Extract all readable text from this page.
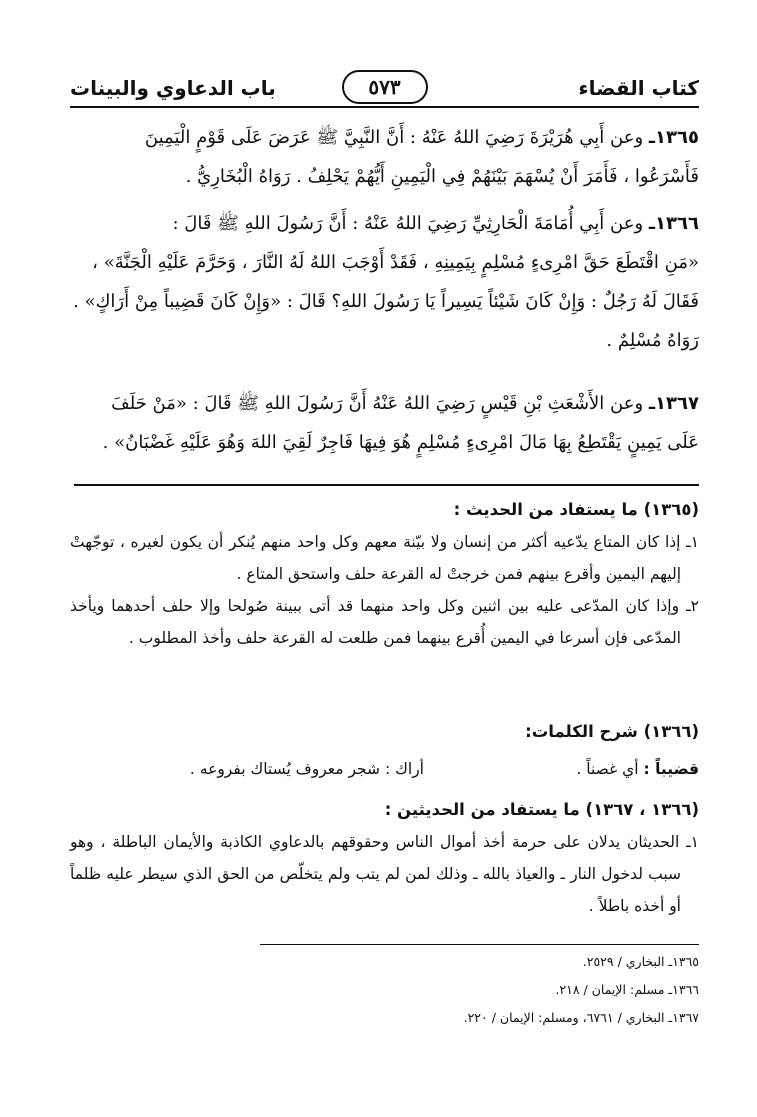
كتاب القضاء
٥٧٣
باب الدعاوي والبينات

١٣٦٥ـ وعن أَبِي هُرَيْرَةَ رَضِيَ اللهُ عَنْهُ : أَنَّ النَّبِيَّ ﷺ عَرَضَ عَلَى قَوْمٍ الْيَمِينَ

فَأَسْرَعُوا ، فَأَمَرَ أَنْ يُسْهَمَ بَيْنَهُمْ فِي الْيَمِينِ أَيُّهُمْ يَحْلِفُ . رَوَاهُ الْبُخَارِيُّ .

١٣٦٦ـ وعن أَبِي أُمَامَةَ الْحَارِثِيِّ رَضِيَ اللهُ عَنْهُ : أَنَّ رَسُولَ اللهِ ﷺ قَالَ :

«مَنِ اقْتَطَعَ حَقَّ امْرِىءٍ مُسْلِمٍ بِيَمِينِهِ ، فَقَدْ أَوْجَبَ اللهُ لَهُ النَّارَ ، وَحَرَّمَ عَلَيْهِ الْجَنَّةَ» ،

فَقَالَ لَهُ رَجُلٌ : وَإِنْ كَانَ شَيْئاً يَسِيراً يَا رَسُولَ اللهِ؟ قَالَ : «وَإِنْ كَانَ قَضِيباً مِنْ أَرَاكٍ» .

رَوَاهُ مُسْلِمٌ .

١٣٦٧ـ وعن الأَشْعَثِ بْنِ قَيْسٍ رَضِيَ اللهُ عَنْهُ أَنَّ رَسُولَ اللهِ ﷺ قَالَ : «مَنْ حَلَفَ

عَلَى يَمِينٍ يَقْتَطِعُ بِهَا مَالَ امْرِىءٍ مُسْلِمٍ هُوَ فِيهَا فَاجِرٌ لَقِيَ اللهَ وَهُوَ عَلَيْهِ غَضْبَانُ» .

(١٣٦٥) ما يستفاد من الحديث :
١ـ إذا كان المتاع يدّعيه أكثر من إنسان ولا بيّنة معهم وكل واحد منهم يُنكر أن يكون لغيره ، توجّهتْ إليهم اليمين وأقرع بينهم فمن خرجتْ له القرعة حلف واستحق المتاع .
٢ـ وإذا كان المدّعى عليه بين اثنين وكل واحد منهما قد أتى ببينة صُولحا وإلا حلف أحدهما ويأخذ المدّعى فإن أسرعا في اليمين أُقرع بينهما فمن طلعت له القرعة حلف وأخذ المطلوب .
(١٣٦٦) شرح الكلمات:
قضيباً : أي غصناً .
أراك : شجر معروف يُستاك بفروعه .
(١٣٦٦ ، ١٣٦٧) ما يستفاد من الحديثين :
١ـ الحديثان يدلان على حرمة أخذ أموال الناس وحقوقهم بالدعاوي الكاذبة والأيمان الباطلة ، وهو سبب لدخول النار ـ والعياذ بالله ـ وذلك لمن لم يتب ولم يتخلّص من الحق الذي سيطر عليه ظلماً أو أخذه باطلاً .
١٣٦٥ـ البخاري / ٢٥٢٩.
١٣٦٦ـ مسلم: الإيمان / ٢١٨.
١٣٦٧ـ البخاري / ٦٧٦١، ومسلم: الإيمان / ٢٢٠.
